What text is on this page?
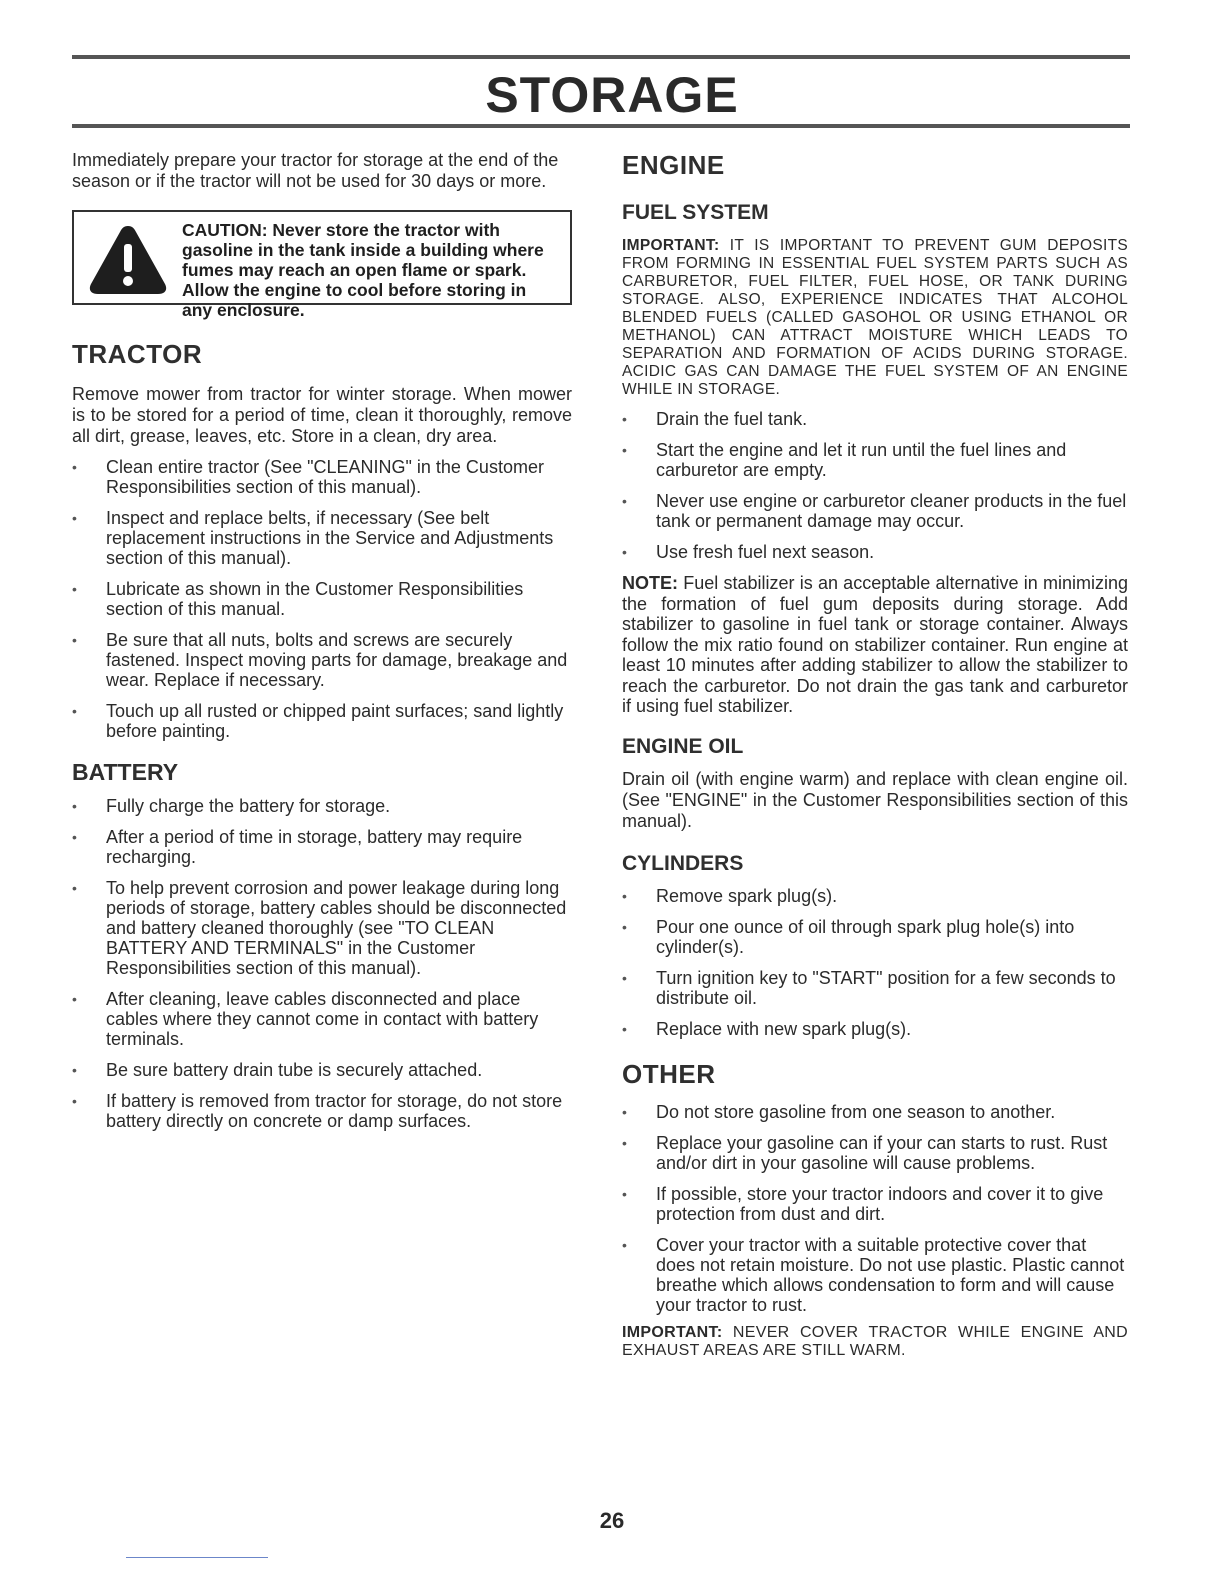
STORAGE

Immediately prepare your tractor for storage at the end of the season or if the tractor will not be used for 30 days or more.

CAUTION: Never store the tractor with gasoline in the tank inside a building where fumes may reach an open flame or spark. Allow the engine to cool before storing in any enclosure.
TRACTOR

Remove mower from tractor for winter storage. When mower is to be stored for a period of time, clean it thoroughly, remove all dirt, grease, leaves, etc. Store in a clean, dry area.

• Clean entire tractor (See "CLEANING" in the Customer Responsibilities section of this manual).
• Inspect and replace belts, if necessary (See belt replacement instructions in the Service and Adjustments section of this manual).
• Lubricate as shown in the Customer Responsibilities section of this manual.
• Be sure that all nuts, bolts and screws are securely fastened. Inspect moving parts for damage, breakage and wear. Replace if necessary.
• Touch up all rusted or chipped paint surfaces; sand lightly before painting.
BATTERY
• Fully charge the battery for storage.
• After a period of time in storage, battery may require recharging.
• To help prevent corrosion and power leakage during long periods of storage, battery cables should be disconnected and battery cleaned thoroughly (see "TO CLEAN BATTERY AND TERMINALS" in the Customer Responsibilities section of this manual).
• After cleaning, leave cables disconnected and place cables where they cannot come in contact with battery terminals.
• Be sure battery drain tube is securely attached.
• If battery is removed from tractor for storage, do not store battery directly on concrete or damp surfaces.
ENGINE
FUEL SYSTEM

IMPORTANT: IT IS IMPORTANT TO PREVENT GUM DEPOSITS FROM FORMING IN ESSENTIAL FUEL SYSTEM PARTS SUCH AS CARBURETOR, FUEL FILTER, FUEL HOSE, OR TANK DURING STORAGE. ALSO, EXPERIENCE INDICATES THAT ALCOHOL BLENDED FUELS (CALLED GASOHOL OR USING ETHANOL OR METHANOL) CAN ATTRACT MOISTURE WHICH LEADS TO SEPARATION AND FORMATION OF ACIDS DURING STORAGE. ACIDIC GAS CAN DAMAGE THE FUEL SYSTEM OF AN ENGINE WHILE IN STORAGE.

• Drain the fuel tank.
• Start the engine and let it run until the fuel lines and carburetor are empty.
• Never use engine or carburetor cleaner products in the fuel tank or permanent damage may occur.
• Use fresh fuel next season.

NOTE: Fuel stabilizer is an acceptable alternative in minimizing the formation of fuel gum deposits during storage. Add stabilizer to gasoline in fuel tank or storage container. Always follow the mix ratio found on stabilizer container. Run engine at least 10 minutes after adding stabilizer to allow the stabilizer to reach the carburetor. Do not drain the gas tank and carburetor if using fuel stabilizer.

ENGINE OIL

Drain oil (with engine warm) and replace with clean engine oil. (See "ENGINE" in the Customer Responsibilities section of this manual).

CYLINDERS
• Remove spark plug(s).
• Pour one ounce of oil through spark plug hole(s) into cylinder(s).
• Turn ignition key to "START" position for a few seconds to distribute oil.
• Replace with new spark plug(s).
OTHER
• Do not store gasoline from one season to another.
• Replace your gasoline can if your can starts to rust. Rust and/or dirt in your gasoline will cause problems.
• If possible, store your tractor indoors and cover it to give protection from dust and dirt.
• Cover your tractor with a suitable protective cover that does not retain moisture. Do not use plastic. Plastic cannot breathe which allows condensation to form and will cause your tractor to rust.

IMPORTANT: NEVER COVER TRACTOR WHILE ENGINE AND EXHAUST AREAS ARE STILL WARM.

26
